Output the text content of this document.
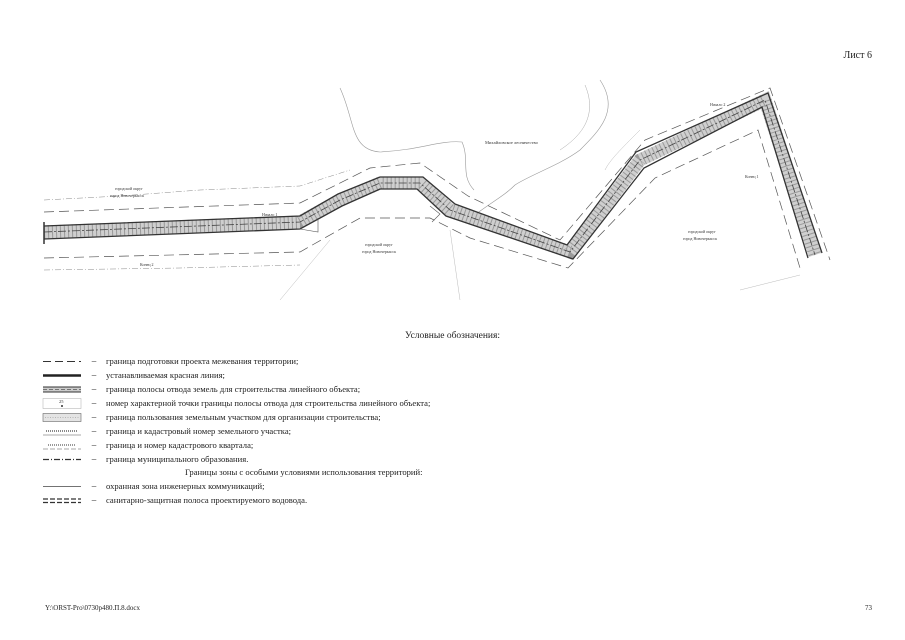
Лист 6
Михайловское лесничество
городской округ
город Новочеркасск
городской округ
город Новочеркасск
городской округ
город Новочеркасск
Начало 1
Конец 2
Конец 1
Начало 2
Условные обозначения:
–	граница подготовки проекта межевания территории;
–	устанавливаемая красная линия;
–	граница полосы отвода земель для строительства линейного объекта;
25	–	номер характерной точки границы полосы отвода для строительства линейного объекта;
–	граница пользования земельным участком для организации строительства;
–	граница и кадастровый номер земельного участка;
–	граница и номер кадастрового квартала;
–	граница муниципального образования.
Границы зоны с особыми условиями использования территорий:
–	охранная зона инженерных коммуникаций;
–	санитарно-защитная полоса проектируемого водовода.
Y:\ORST-Pro\0730p480.П.8.docx	73
